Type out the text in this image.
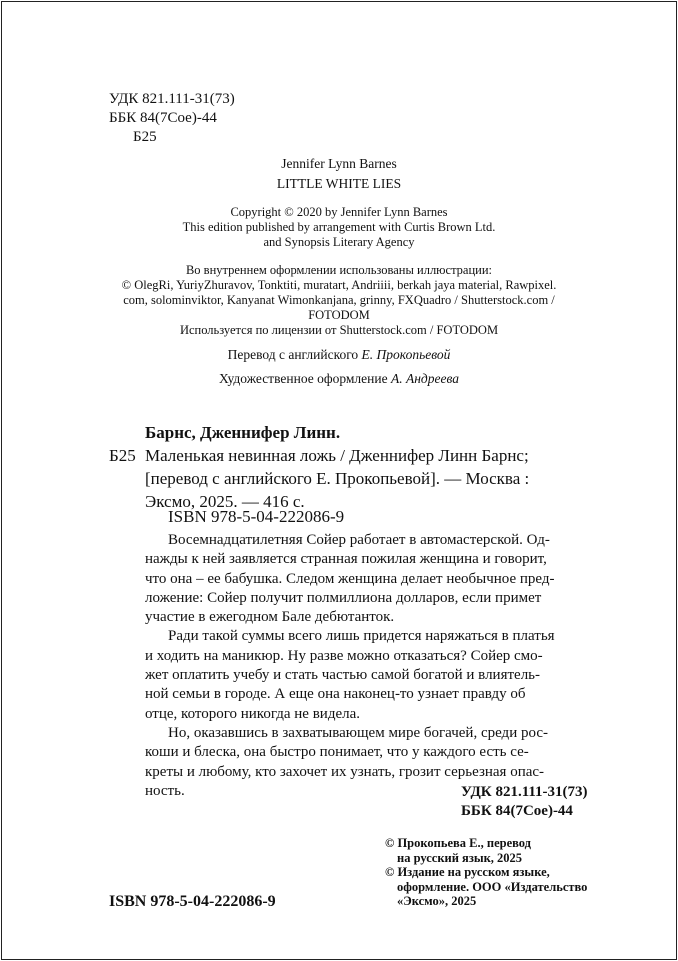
УДК 821.111-31(73)
ББК 84(7Сое)-44
Б25
Jennifer Lynn Barnes
LITTLE WHITE LIES
Copyright © 2020 by Jennifer Lynn Barnes
This edition published by arrangement with Curtis Brown Ltd.
and Synopsis Literary Agency
Во внутреннем оформлении использованы иллюстрации:
© OlegRi, YuriyZhuravov, Tonktiti, muratart, Andriiii, berkah jaya material, Rawpixel.
com, solominviktor, Kanyanat Wimonkanjana, grinny, FXQuadro / Shutterstock.com /
FOTODOM
Используется по лицензии от Shutterstock.com / FOTODOM
Перевод с английского Е. Прокопьевой
Художественное оформление А. Андреева
Барнс, Дженнифер Линн.
Б25 Маленькая невинная ложь / Дженнифер Линн Барнс;
[перевод с английского Е. Прокопьевой]. — Москва :
Эксмо, 2025. — 416 с.
ISBN 978-5-04-222086-9

Восемнадцатилетняя Сойер работает в автомастерской. Од-
нажды к ней заявляется странная пожилая женщина и говорит,
что она – ее бабушка. Следом женщина делает необычное пред-
ложение: Сойер получит полмиллиона долларов, если примет
участие в ежегодном Бале дебютанток.

Ради такой суммы всего лишь придется наряжаться в платья
и ходить на маникюр. Ну разве можно отказаться? Сойер смо-
жет оплатить учебу и стать частью самой богатой и влиятель-
ной семьи в городе. А еще она наконец-то узнает правду об
отце, которого никогда не видела.

Но, оказавшись в захватывающем мире богачей, среди рос-
коши и блеска, она быстро понимает, что у каждого есть се-
креты и любому, кто захочет их узнать, грозит серьезная опас-
ность.	УДК 821.111-31(73)
ББК 84(7Сое)-44
© Прокопьева Е., перевод
на русский язык, 2025
© Издание на русском языке,
оформление. ООО «Издательство
«Эксмо», 2025
ISBN 978-5-04-222086-9
